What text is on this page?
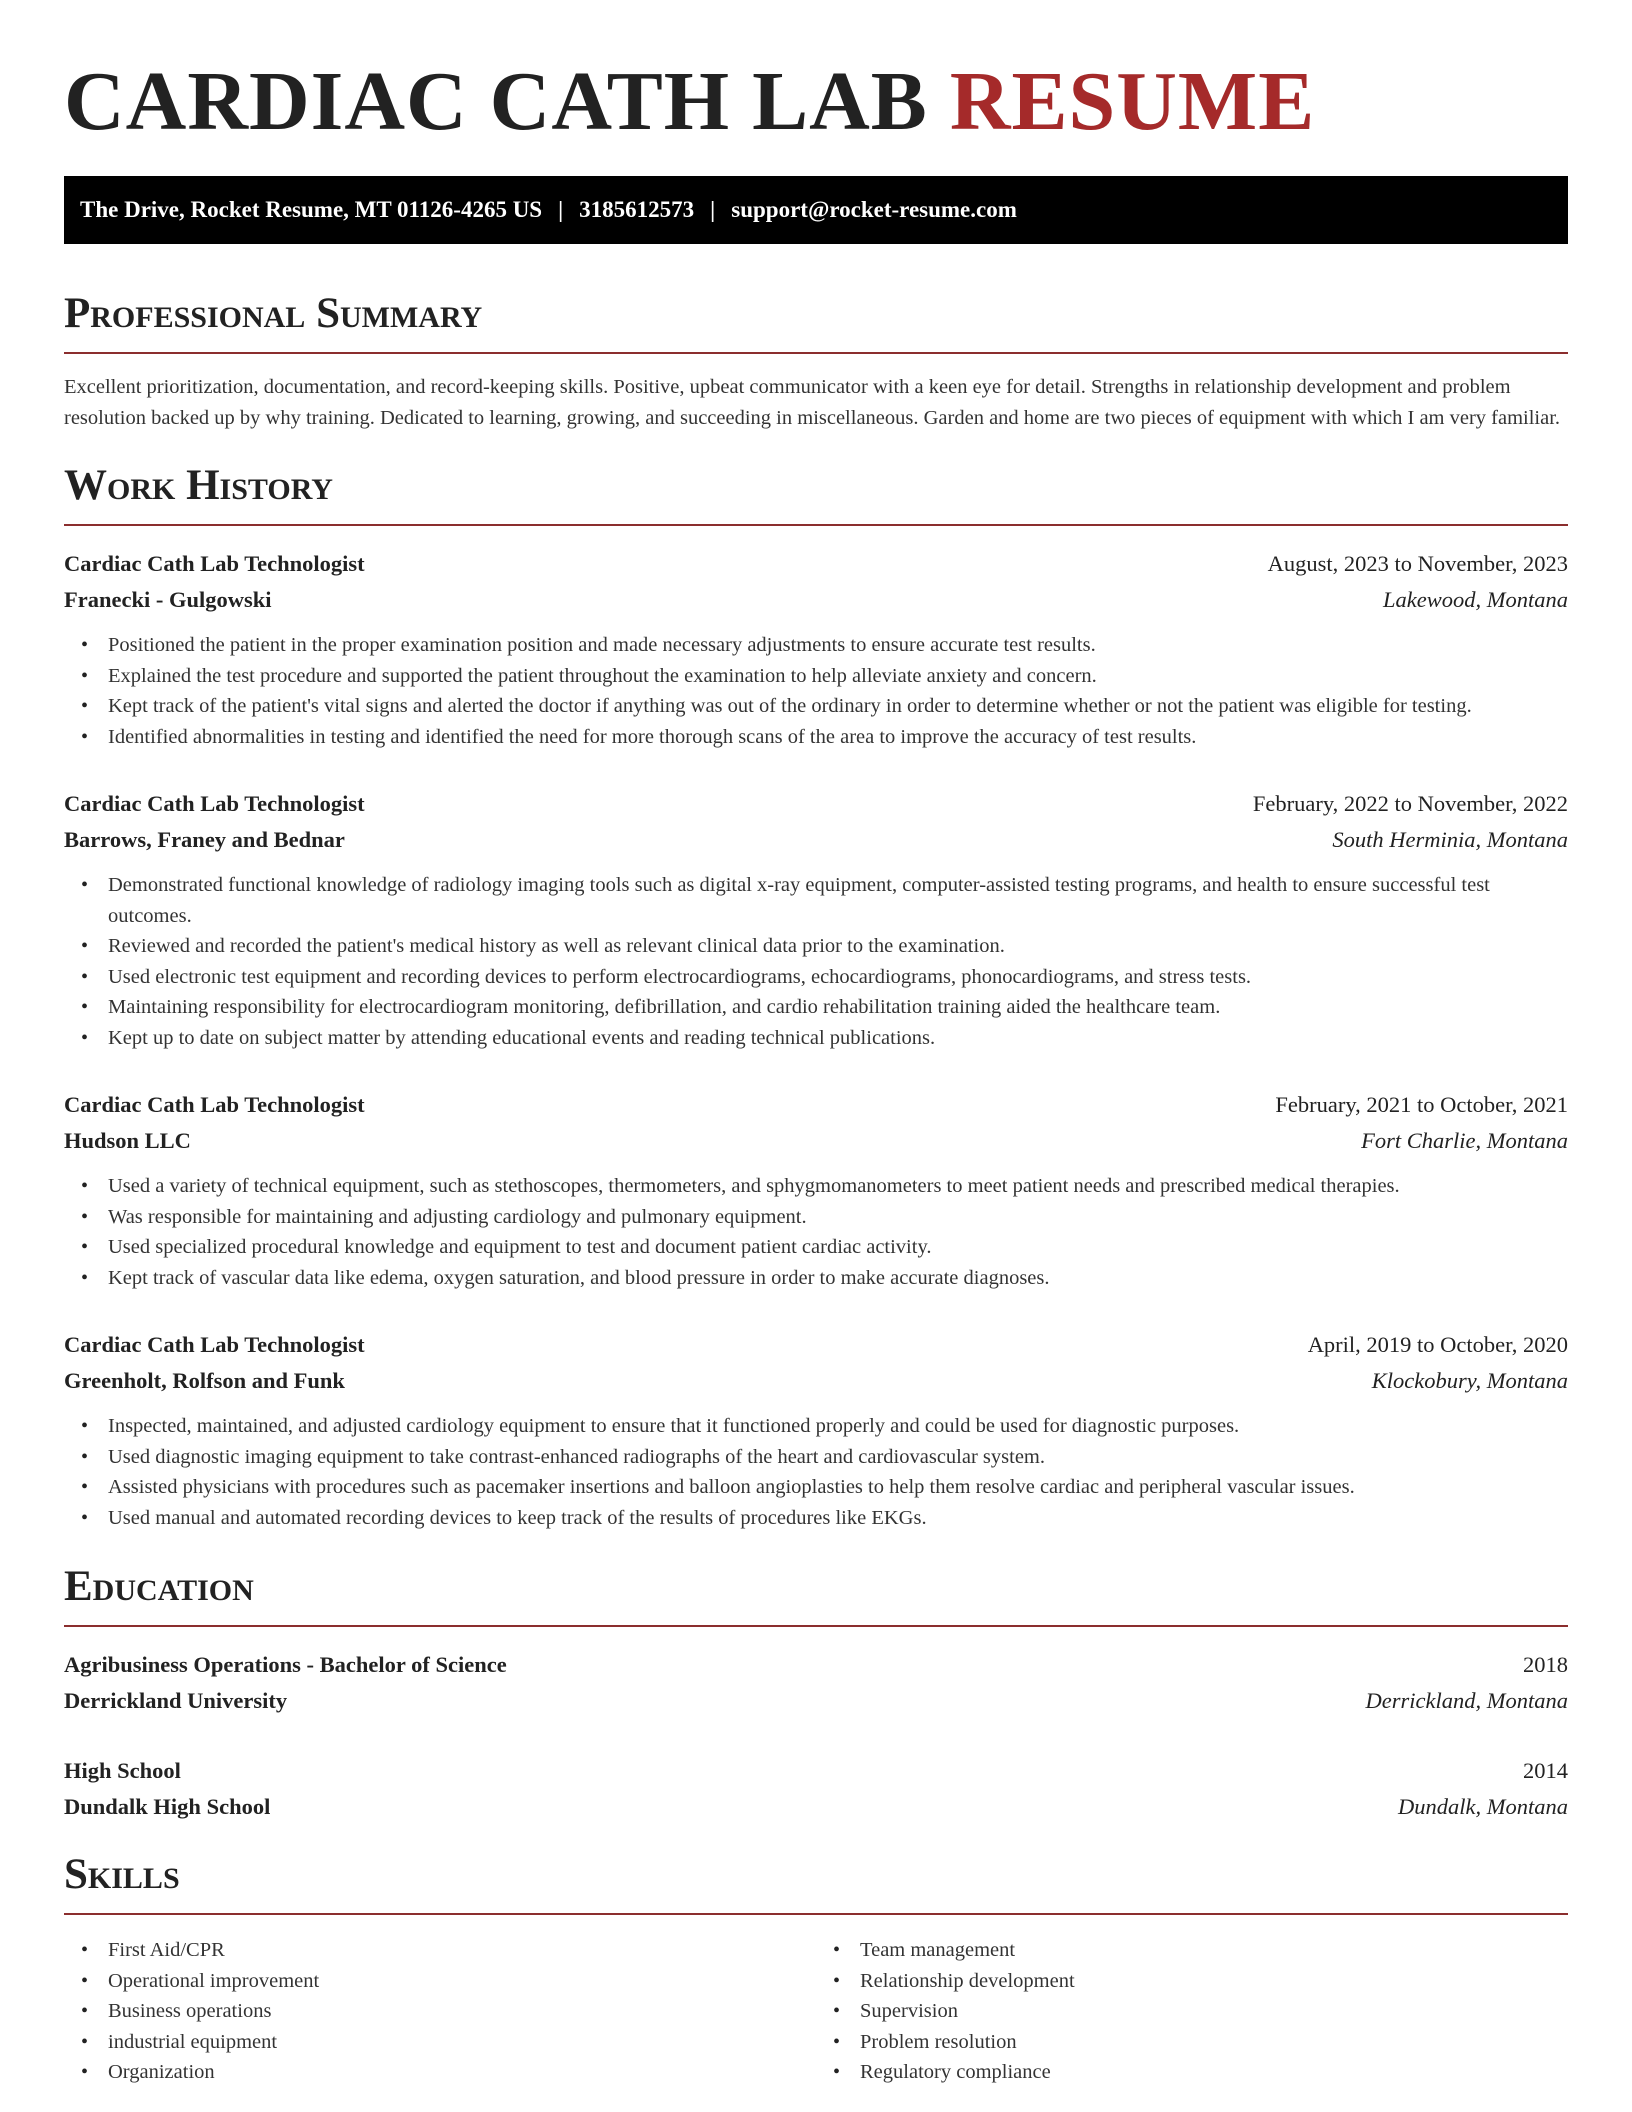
CARDIAC CATH LAB RESUME
The Drive, Rocket Resume, MT 01126-4265 US | 3185612573 | support@rocket-resume.com
Professional Summary

Excellent prioritization, documentation, and record-keeping skills. Positive, upbeat communicator with a keen eye for detail. Strengths in relationship development and problem resolution backed up by why training. Dedicated to learning, growing, and succeeding in miscellaneous. Garden and home are two pieces of equipment with which I am very familiar.

Work History
Cardiac Cath Lab Technologist	August, 2023 to November, 2023
Franecki - Gulgowski	Lakewood, Montana
• Positioned the patient in the proper examination position and made necessary adjustments to ensure accurate test results.
• Explained the test procedure and supported the patient throughout the examination to help alleviate anxiety and concern.
• Kept track of the patient's vital signs and alerted the doctor if anything was out of the ordinary in order to determine whether or not the patient was eligible for testing.
• Identified abnormalities in testing and identified the need for more thorough scans of the area to improve the accuracy of test results.
Cardiac Cath Lab Technologist	February, 2022 to November, 2022
Barrows, Franey and Bednar	South Herminia, Montana
• Demonstrated functional knowledge of radiology imaging tools such as digital x-ray equipment, computer-assisted testing programs, and health to ensure successful test outcomes.
• Reviewed and recorded the patient's medical history as well as relevant clinical data prior to the examination.
• Used electronic test equipment and recording devices to perform electrocardiograms, echocardiograms, phonocardiograms, and stress tests.
• Maintaining responsibility for electrocardiogram monitoring, defibrillation, and cardio rehabilitation training aided the healthcare team.
• Kept up to date on subject matter by attending educational events and reading technical publications.
Cardiac Cath Lab Technologist	February, 2021 to October, 2021
Hudson LLC	Fort Charlie, Montana
• Used a variety of technical equipment, such as stethoscopes, thermometers, and sphygmomanometers to meet patient needs and prescribed medical therapies.
• Was responsible for maintaining and adjusting cardiology and pulmonary equipment.
• Used specialized procedural knowledge and equipment to test and document patient cardiac activity.
• Kept track of vascular data like edema, oxygen saturation, and blood pressure in order to make accurate diagnoses.
Cardiac Cath Lab Technologist	April, 2019 to October, 2020
Greenholt, Rolfson and Funk	Klockobury, Montana
• Inspected, maintained, and adjusted cardiology equipment to ensure that it functioned properly and could be used for diagnostic purposes.
• Used diagnostic imaging equipment to take contrast-enhanced radiographs of the heart and cardiovascular system.
• Assisted physicians with procedures such as pacemaker insertions and balloon angioplasties to help them resolve cardiac and peripheral vascular issues.
• Used manual and automated recording devices to keep track of the results of procedures like EKGs.
Education
Agribusiness Operations - Bachelor of Science	2018
Derrickland University	Derrickland, Montana
High School	2014
Dundalk High School	Dundalk, Montana
Skills
• First Aid/CPR
• Operational improvement
• Business operations
• industrial equipment
• Organization
• Team management
• Relationship development
• Supervision
• Problem resolution
• Regulatory compliance
